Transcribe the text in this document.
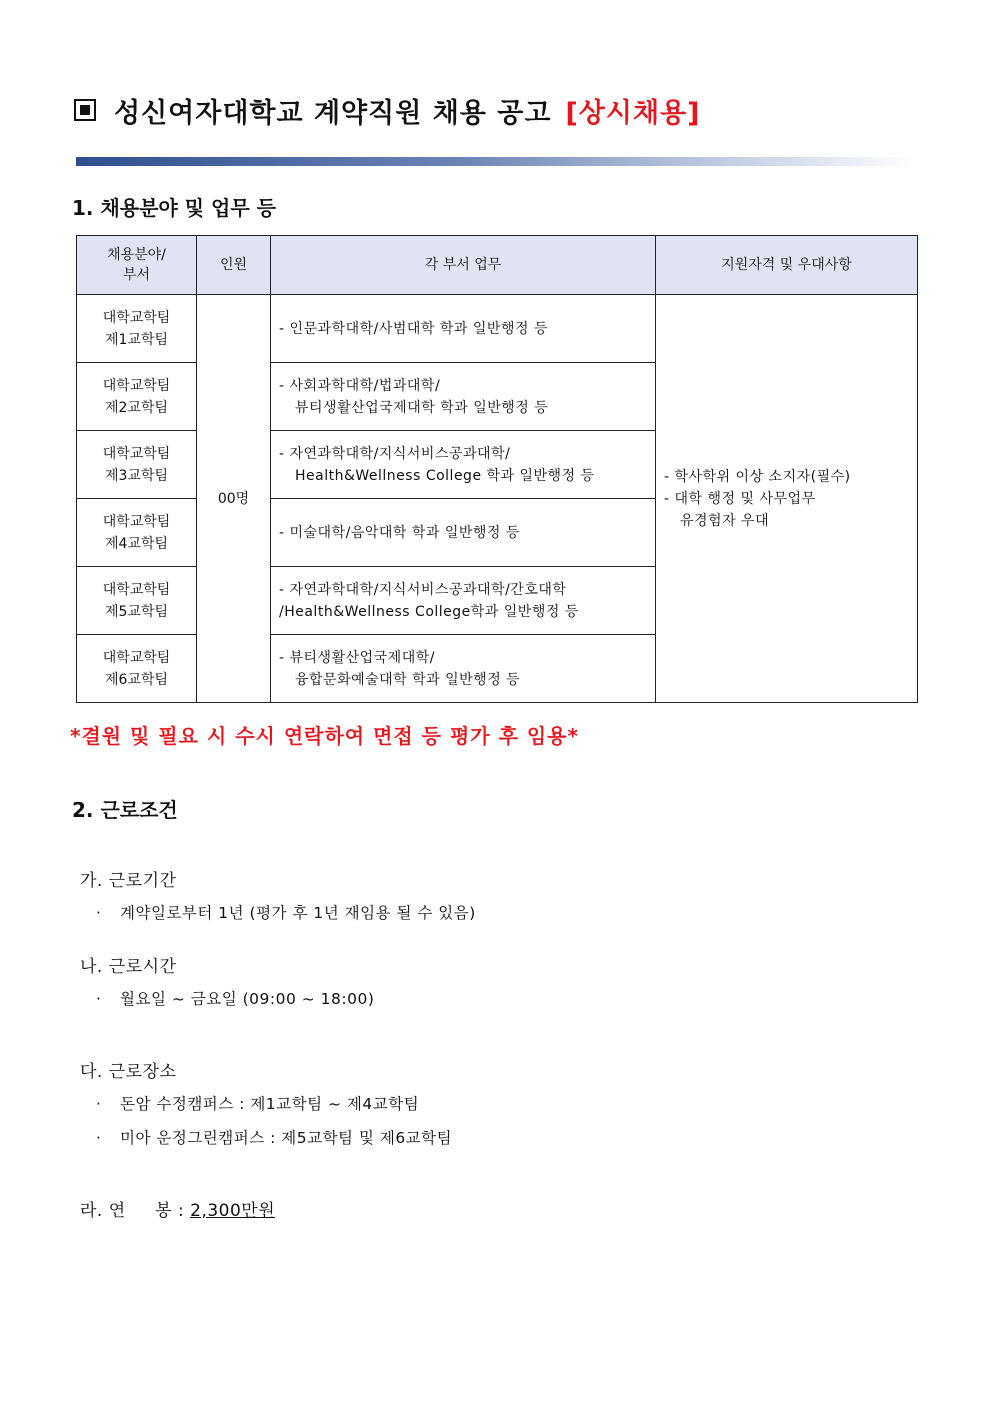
성신여자대학교 계약직원 채용 공고 [상시채용]
1. 채용분야 및 업무 등
채용분야/
부서	인원	각 부서 업무	지원자격 및 우대사항
대학교학팀
제1교학팀	00명	- 인문과학대학/사범대학 학과 일반행정 등	- 학사학위 이상 소지자(필수)
- 대학 행정 및 사무업무
유경험자 우대

대학교학팀
제2교학팀		- 사회과학대학/법과대학/
뷰티생활산업국제대학 학과 일반행정 등	

대학교학팀
제3교학팀		- 자연과학대학/지식서비스공과대학/
Health&Wellness College 학과 일반행정 등	

대학교학팀
제4교학팀		- 미술대학/음악대학 학과 일반행정 등	
대학교학팀
제5교학팀		- 자연과학대학/지식서비스공과대학/간호대학
/Health&Wellness College학과 일반행정 등	

대학교학팀
제6교학팀		- 뷰티생활산업국제대학/
융합문화예술대학 학과 일반행정 등	
*결원 및 필요 시 수시 연락하여 면접 등 평가 후 임용*
2. 근로조건
가. 근로기간
· 계약일로부터 1년 (평가 후 1년 재임용 될 수 있음)
나. 근로시간
· 월요일 ~ 금요일 (09:00 ~ 18:00)
다. 근로장소
· 돈암 수정캠퍼스 : 제1교학팀 ~ 제4교학팀
· 미아 운정그린캠퍼스 : 제5교학팀 및 제6교학팀
라. 연     봉 : 2,300만원
